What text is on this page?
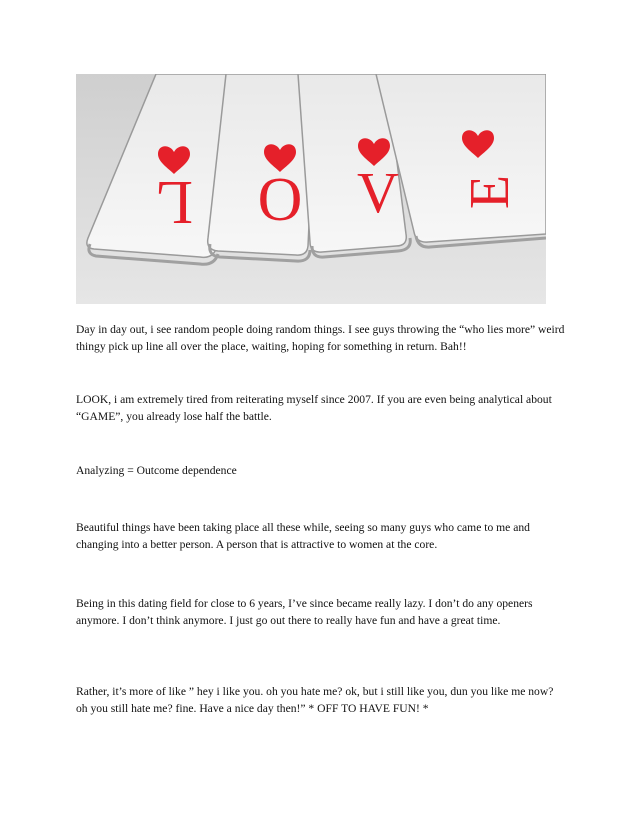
L O V E

Day in day out, i see random people doing random things. I see guys throwing the “who lies more” weird thingy pick up line all over the place, waiting, hoping for something in return. Bah!!

LOOK, i am extremely tired from reiterating myself since 2007. If you are even being analytical about “GAME”, you already lose half the battle.

Analyzing = Outcome dependence

Beautiful things have been taking place all these while, seeing so many guys who came to me and changing into a better person. A person that is attractive to women at the core.

Being in this dating field for close to 6 years, I’ve since became really lazy. I don’t do any openers anymore. I don’t think anymore. I just go out there to really have fun and have a great time.

Rather, it’s more of like ” hey i like you. oh you hate me? ok, but i still like you, dun you like me now? oh you still hate me? fine. Have a nice day then!” * OFF TO HAVE FUN! *
